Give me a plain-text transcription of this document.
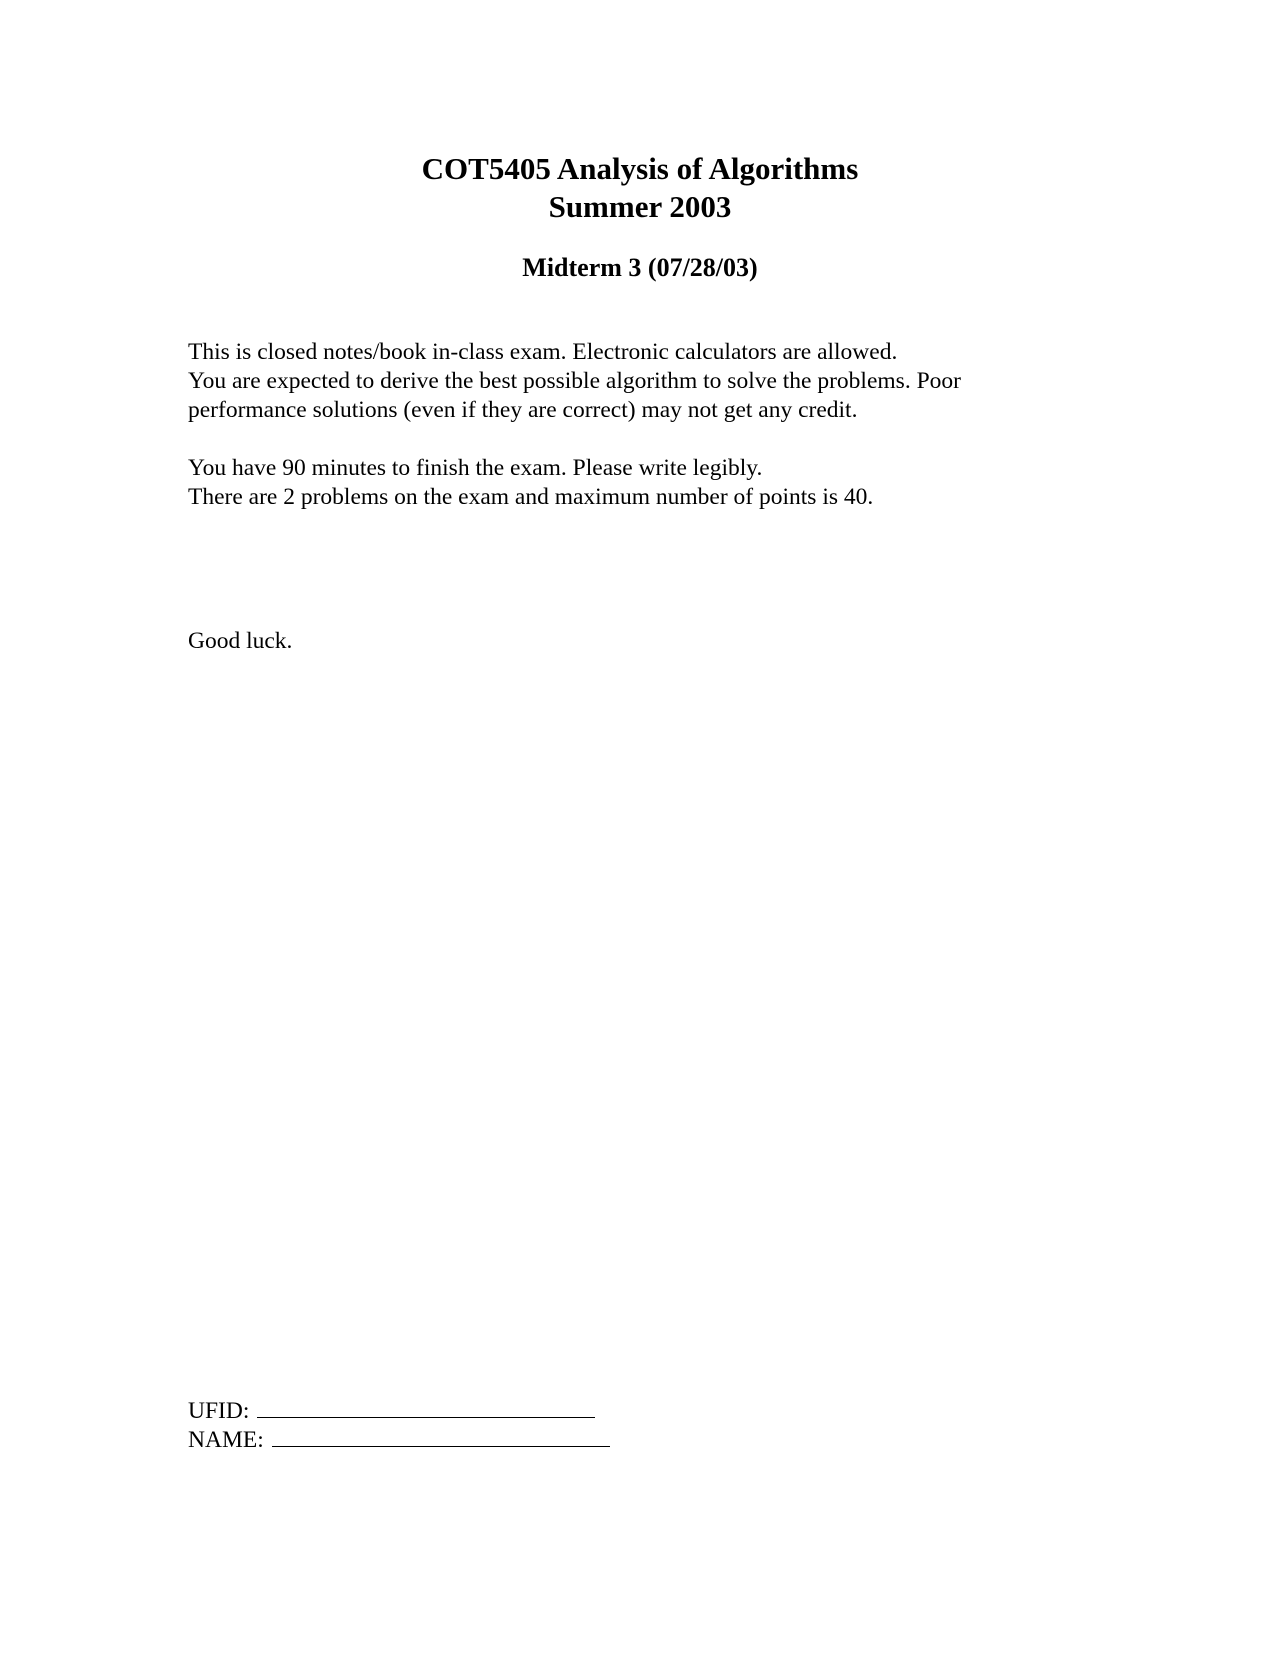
COT5405 Analysis of Algorithms
Summer 2003
Midterm 3 (07/28/03)
This is closed notes/book in-class exam. Electronic calculators are allowed.
You are expected to derive the best possible algorithm to solve the problems. Poor
performance solutions (even if they are correct) may not get any credit.
You have 90 minutes to finish the exam. Please write legibly.
There are 2 problems on the exam and maximum number of points is 40.
Good luck.
UFID:
NAME:
